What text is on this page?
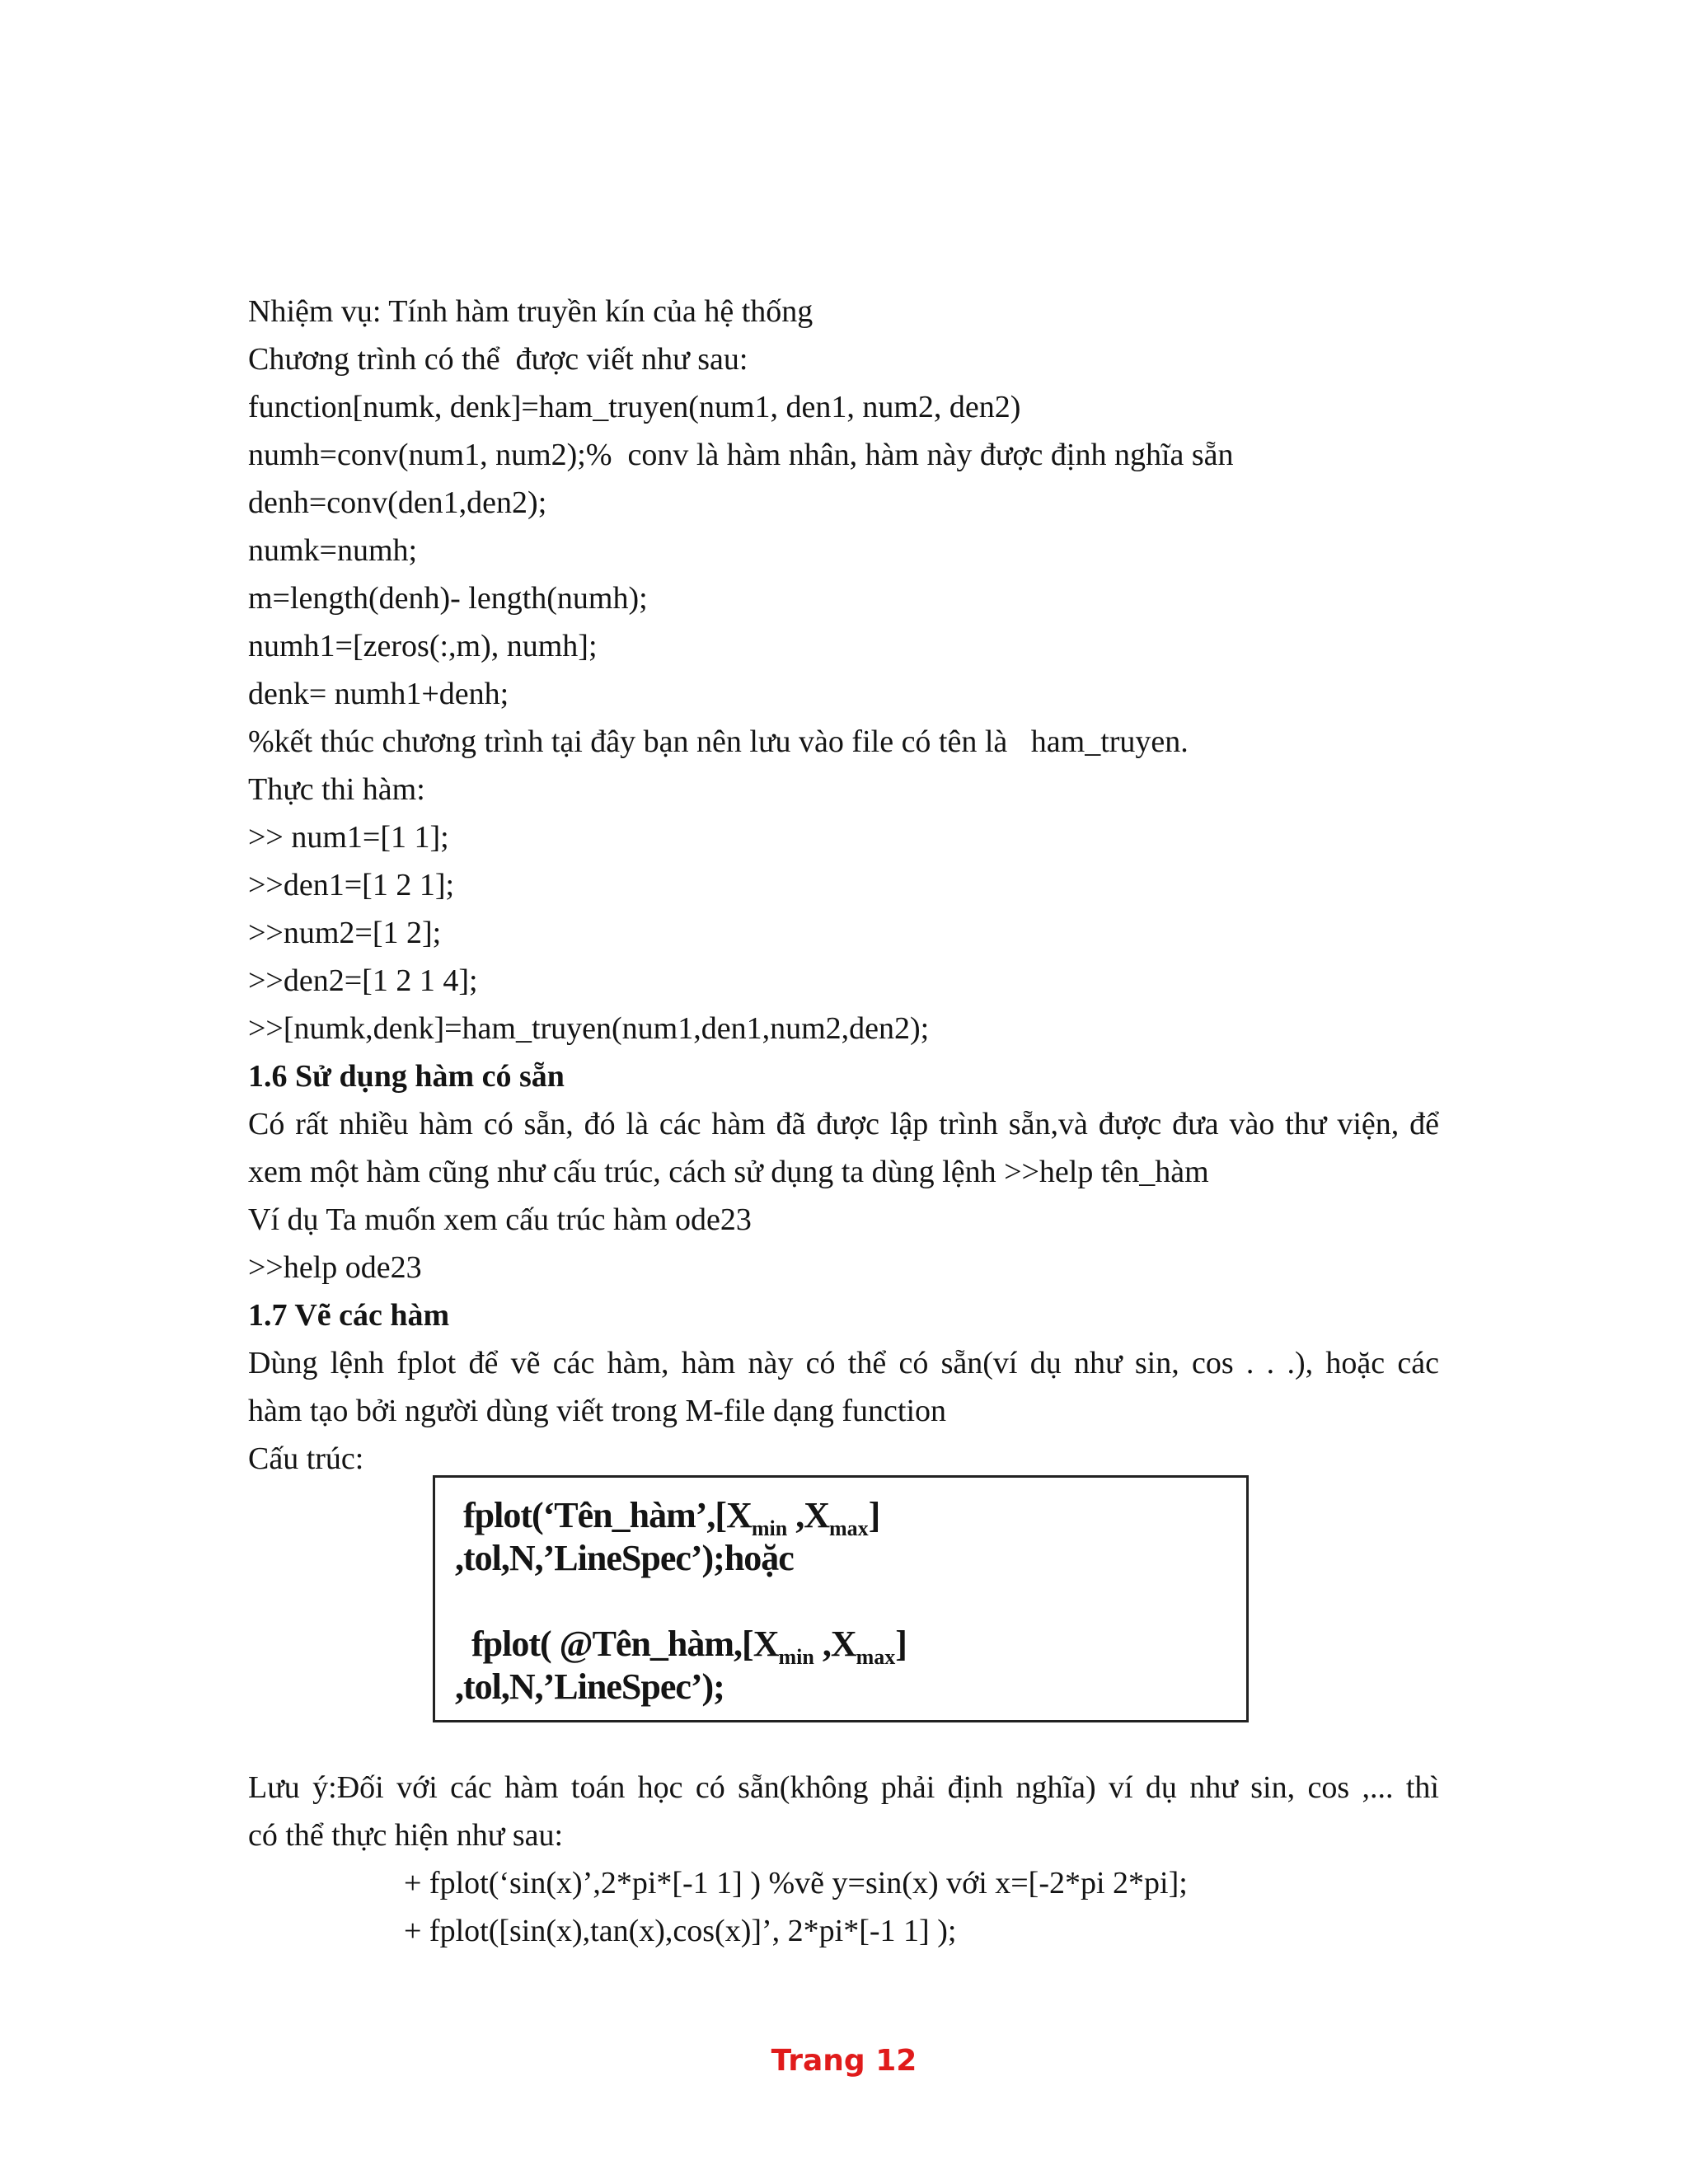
Nhiệm vụ: Tính hàm truyền kín của hệ thống
Chương trình có thể  được viết như sau:
function[numk, denk]=ham_truyen(num1, den1, num2, den2)
numh=conv(num1, num2);%  conv là hàm nhân, hàm này được định nghĩa sẵn
denh=conv(den1,den2);
numk=numh;
m=length(denh)- length(numh);
numh1=[zeros(:,m), numh];
denk= numh1+denh;
%kết thúc chương trình tại đây bạn nên lưu vào file có tên là   ham_truyen.
Thực thi hàm:
>> num1=[1 1];
>>den1=[1 2 1];
>>num2=[1 2];
>>den2=[1 2 1 4];
>>[numk,denk]=ham_truyen(num1,den1,num2,den2);
1.6 Sử dụng hàm có sẵn
Có rất nhiều hàm có sẵn, đó là các hàm đã được lập trình sẵn,và được đưa vào thư viện, để
xem một hàm cũng như cấu trúc, cách sử dụng ta dùng lệnh >>help tên_hàm
Ví dụ Ta muốn xem cấu trúc hàm ode23
>>help ode23
1.7 Vẽ các hàm
Dùng lệnh fplot để vẽ các hàm, hàm này có thể có sẵn(ví dụ như sin, cos . . .), hoặc các
hàm tạo bởi người dùng viết trong M-file dạng function
Cấu trúc:
$fplot(‘Tên\_hàm’,[X_{min}$ $,X_{max}$]
,tol,N,’LineSpec’);hoặc
fplot( $@Tên\_hàm,[X_{min}$ $,X_{max}$]
,tol,N,’LineSpec’);
Lưu ý:Đối với các hàm toán học có sẵn(không phải định nghĩa) ví dụ như sin, cos ,... thì
có thể thực hiện như sau:
+ fplot(‘sin(x)’,2*pi*[-1 1] ) %vẽ y=sin(x) với x=[-2*pi 2*pi];
+ fplot([sin(x),tan(x),cos(x)]’, 2*pi*[-1 1] );
Trang 12
